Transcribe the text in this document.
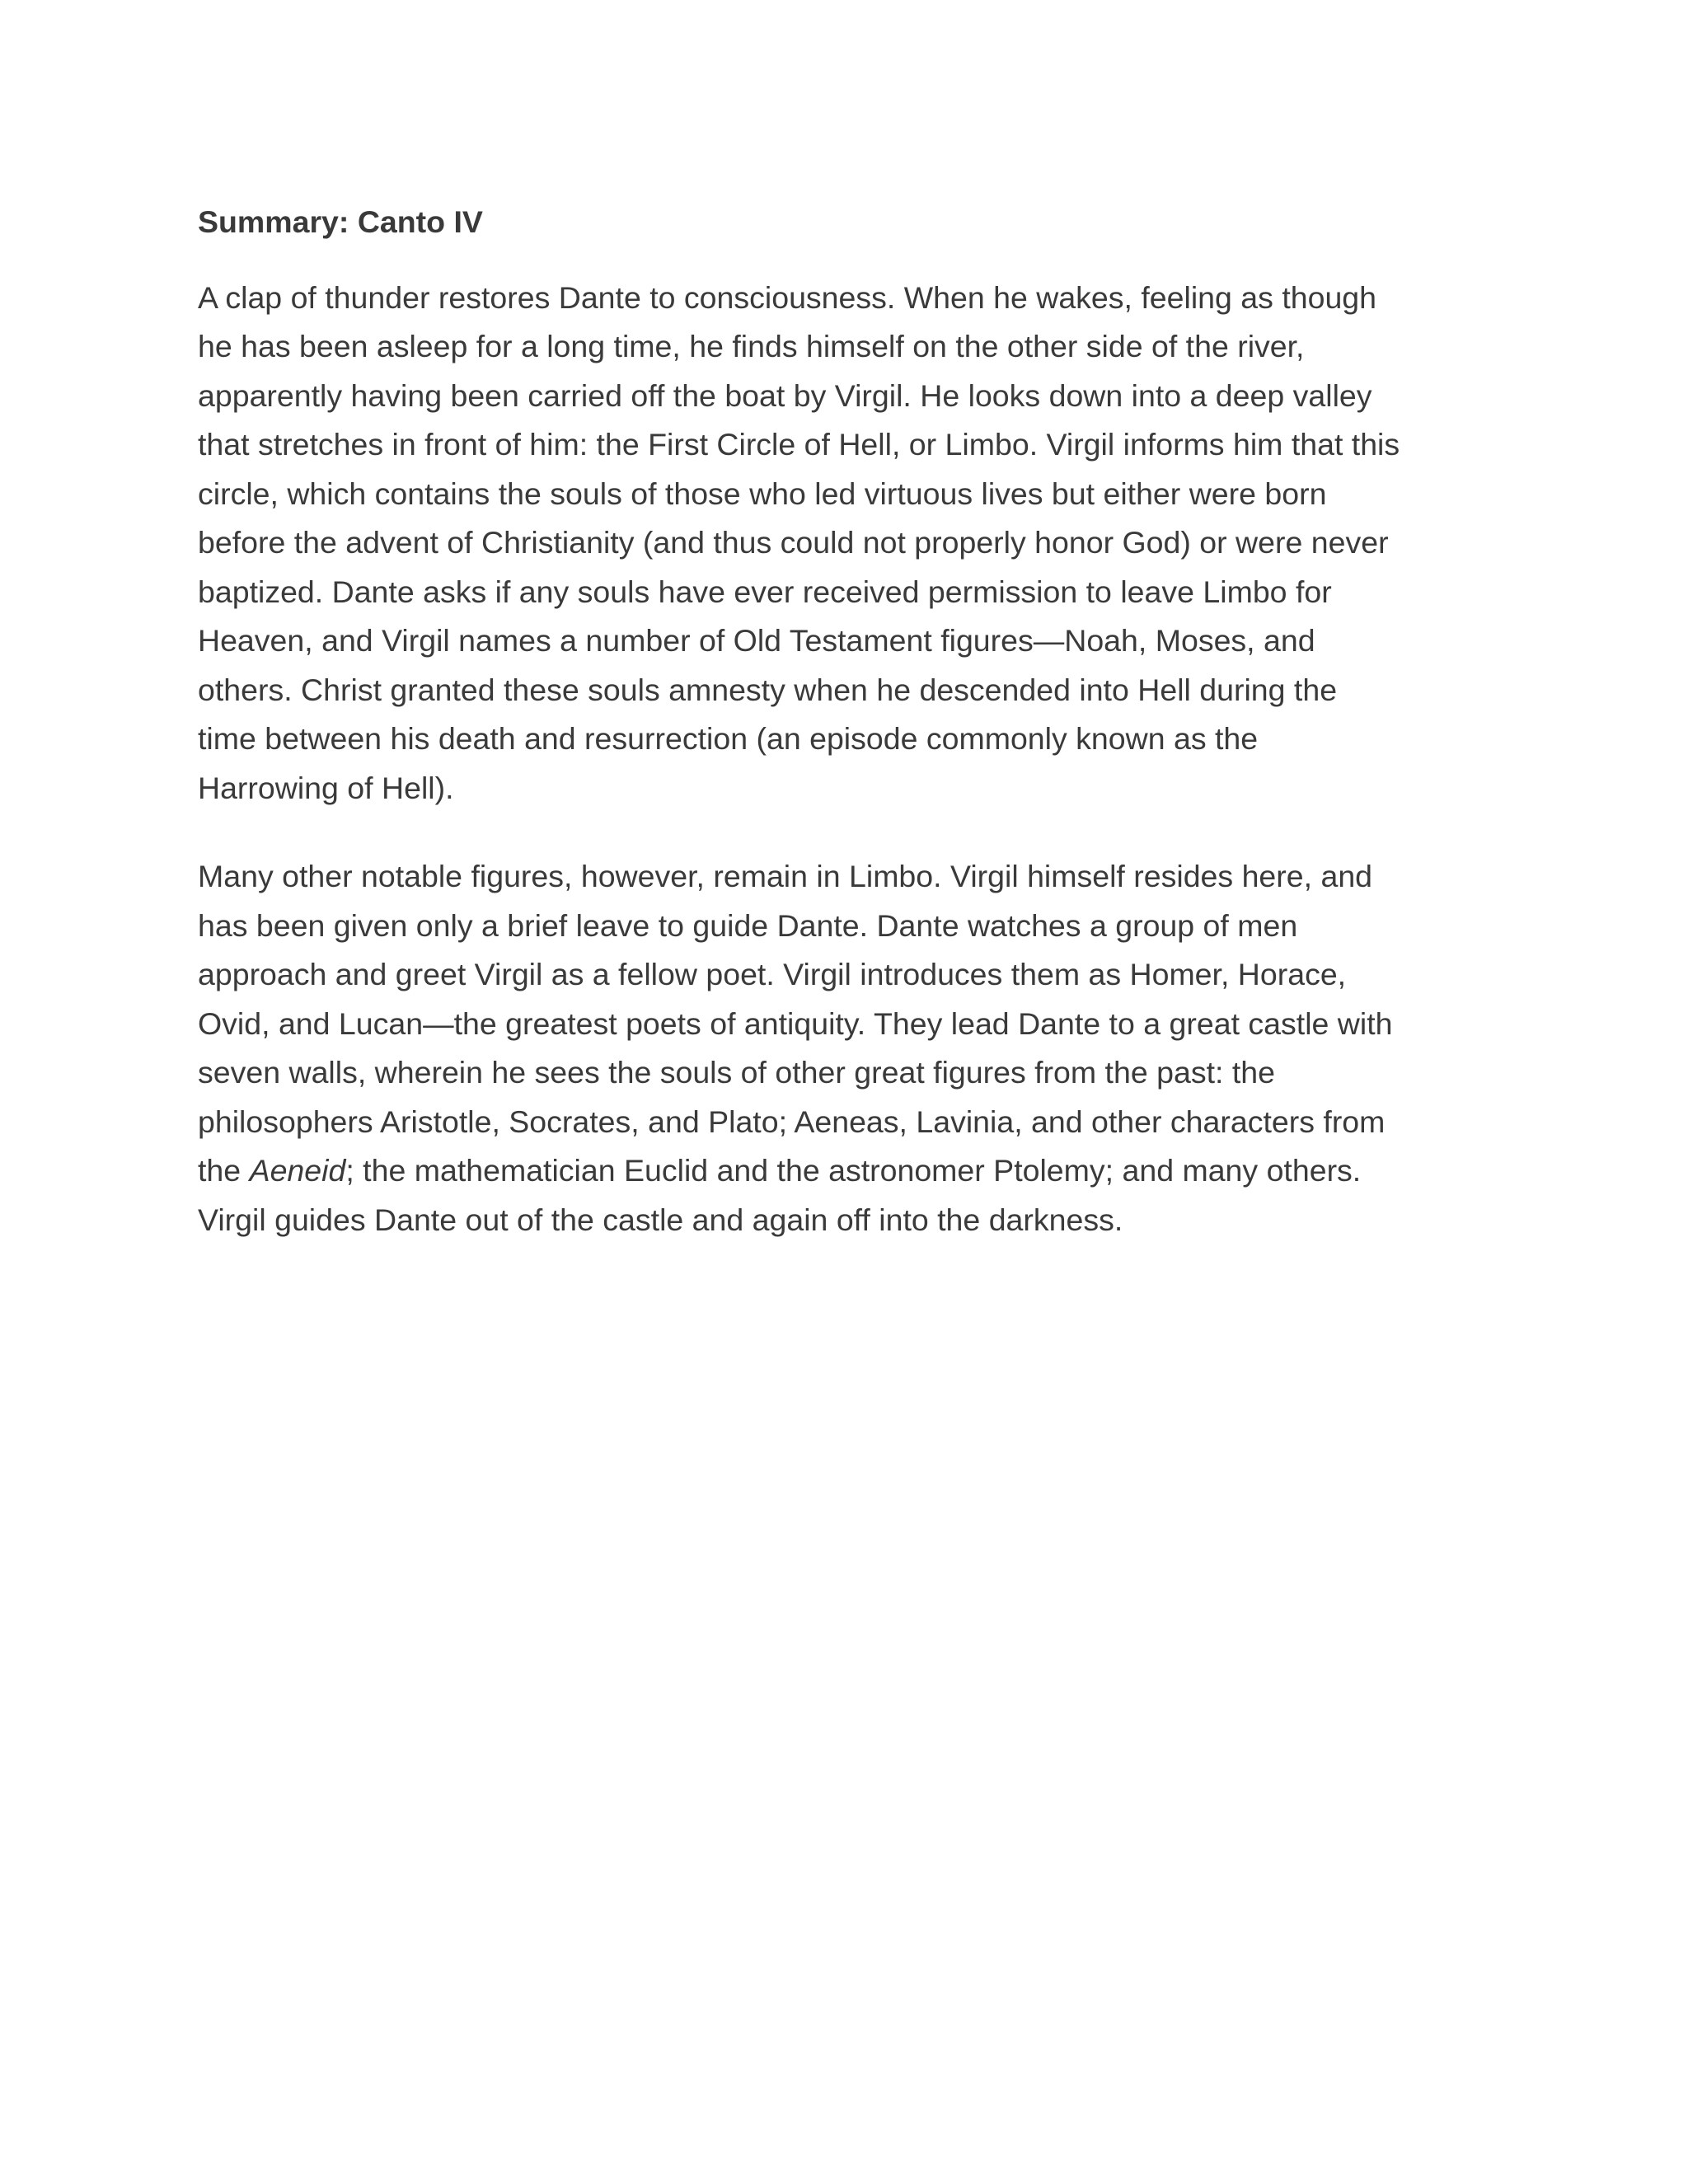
Summary: Canto IV

A clap of thunder restores Dante to consciousness. When he wakes, feeling as though
he has been asleep for a long time, he finds himself on the other side of the river,
apparently having been carried off the boat by Virgil. He looks down into a deep valley
that stretches in front of him: the First Circle of Hell, or Limbo. Virgil informs him that this
circle, which contains the souls of those who led virtuous lives but either were born
before the advent of Christianity (and thus could not properly honor God) or were never
baptized. Dante asks if any souls have ever received permission to leave Limbo for
Heaven, and Virgil names a number of Old Testament figures—Noah, Moses, and
others. Christ granted these souls amnesty when he descended into Hell during the
time between his death and resurrection (an episode commonly known as the
Harrowing of Hell).

Many other notable figures, however, remain in Limbo. Virgil himself resides here, and
has been given only a brief leave to guide Dante. Dante watches a group of men
approach and greet Virgil as a fellow poet. Virgil introduces them as Homer, Horace,
Ovid, and Lucan—the greatest poets of antiquity. They lead Dante to a great castle with
seven walls, wherein he sees the souls of other great figures from the past: the
philosophers Aristotle, Socrates, and Plato; Aeneas, Lavinia, and other characters from
the Aeneid; the mathematician Euclid and the astronomer Ptolemy; and many others.
Virgil guides Dante out of the castle and again off into the darkness.
